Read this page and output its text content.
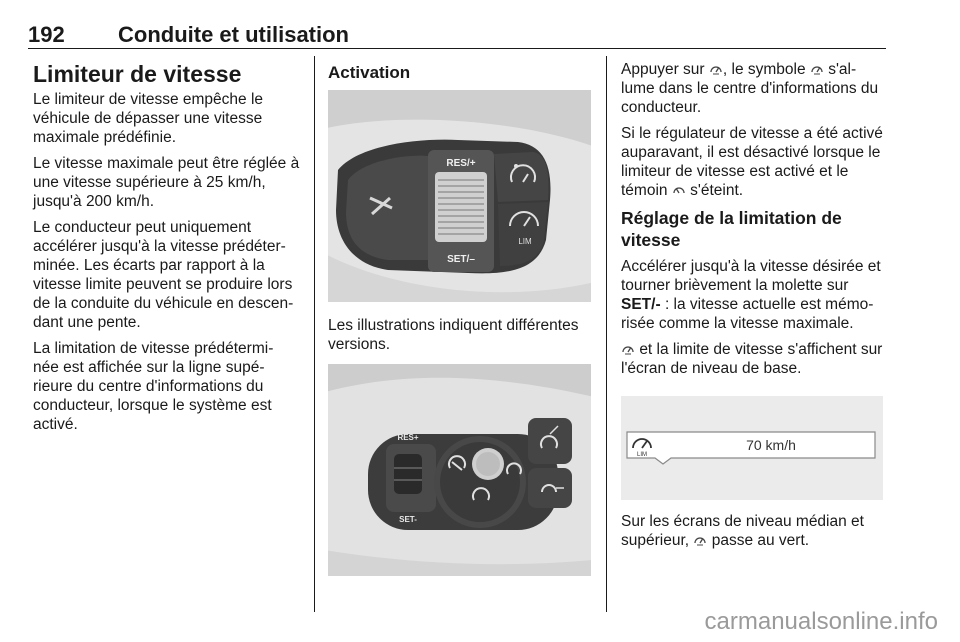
192 Conduite et utilisation
Limiteur de vitesse

Le limiteur de vitesse empêche le véhicule de dépasser une vitesse maximale prédéfinie.

Le vitesse maximale peut être réglée à une vitesse supérieure à 25 km/h, jusqu'à 200 km/h.

Le conducteur peut uniquement accélérer jusqu'à la vitesse prédéter- minée. Les écarts par rapport à la vitesse limite peuvent se produire lors de la conduite du véhicule en descen- dant une pente.

La limitation de vitesse prédétermi- née est affichée sur la ligne supé- rieure du centre d'informations du conducteur, lorsque le système est activé.

Activation
RES/+
SET/–
LIM

Les illustrations indiquent différentes versions.

RES+
SET-

Appuyer sur , le symbole s'al- lume dans le centre d'informations du conducteur.

Si le régulateur de vitesse a été activé auparavant, il est désactivé lorsque le limiteur de vitesse est activé et le témoin s'éteint.

Réglage de la limitation de vitesse

Accélérer jusqu'à la vitesse désirée et tourner brièvement la molette sur SET/- : la vitesse actuelle est mémo- risée comme la vitesse maximale.

et la limite de vitesse s'affichent sur l'écran de niveau de base.

LIM
70 km/h

Sur les écrans de niveau médian et supérieur, passe au vert.

carmanualsonline.info
